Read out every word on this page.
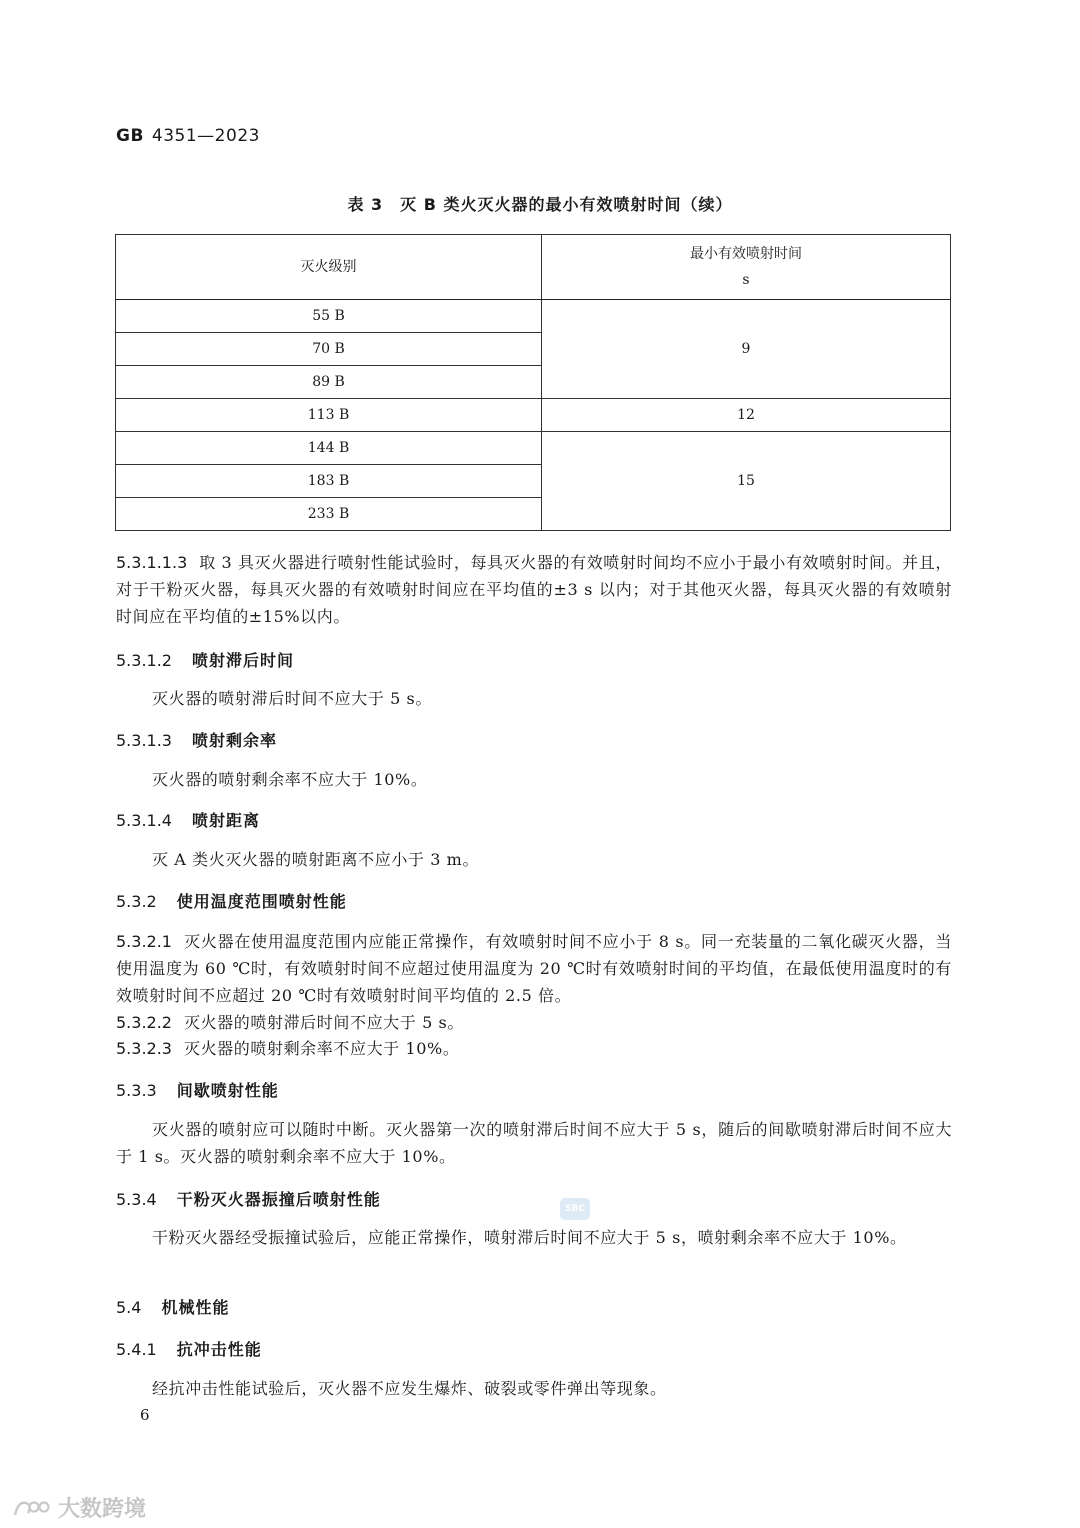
GB 4351—2023
表 3　灭 B 类火灭火器的最小有效喷射时间（续）
灭火级别	最小有效喷射时间
s

55 B	9
70 B	
89 B	
113 B	12
144 B	15
183 B	
233 B	
5.3.1.1.3 取 3 具灭火器进行喷射性能试验时，每具灭火器的有效喷射时间均不应小于最小有效喷射时间。并且，对于干粉灭火器，每具灭火器的有效喷射时间应在平均值的±3 s 以内；对于其他灭火器，每具灭火器的有效喷射时间应在平均值的±15%以内。
5.3.1.2 喷射滞后时间
灭火器的喷射滞后时间不应大于 5 s。
5.3.1.3 喷射剩余率
灭火器的喷射剩余率不应大于 10%。
5.3.1.4 喷射距离
灭 A 类火灭火器的喷射距离不应小于 3 m。
5.3.2 使用温度范围喷射性能
5.3.2.1 灭火器在使用温度范围内应能正常操作，有效喷射时间不应小于 8 s。同一充装量的二氧化碳灭火器，当使用温度为 60 ℃时，有效喷射时间不应超过使用温度为 20 ℃时有效喷射时间的平均值，在最低使用温度时的有效喷射时间不应超过 20 ℃时有效喷射时间平均值的 2.5 倍。
5.3.2.2 灭火器的喷射滞后时间不应大于 5 s。
5.3.2.3 灭火器的喷射剩余率不应大于 10%。
5.3.3 间歇喷射性能
灭火器的喷射应可以随时中断。灭火器第一次的喷射滞后时间不应大于 5 s，随后的间歇喷射滞后时间不应大于 1 s。灭火器的喷射剩余率不应大于 10%。
5.3.4 干粉灭火器振撞后喷射性能
干粉灭火器经受振撞试验后，应能正常操作，喷射滞后时间不应大于 5 s，喷射剩余率不应大于 10%。
5.4 机械性能
5.4.1 抗冲击性能
经抗冲击性能试验后，灭火器不应发生爆炸、破裂或零件弹出等现象。
6
SBC
大数跨境
